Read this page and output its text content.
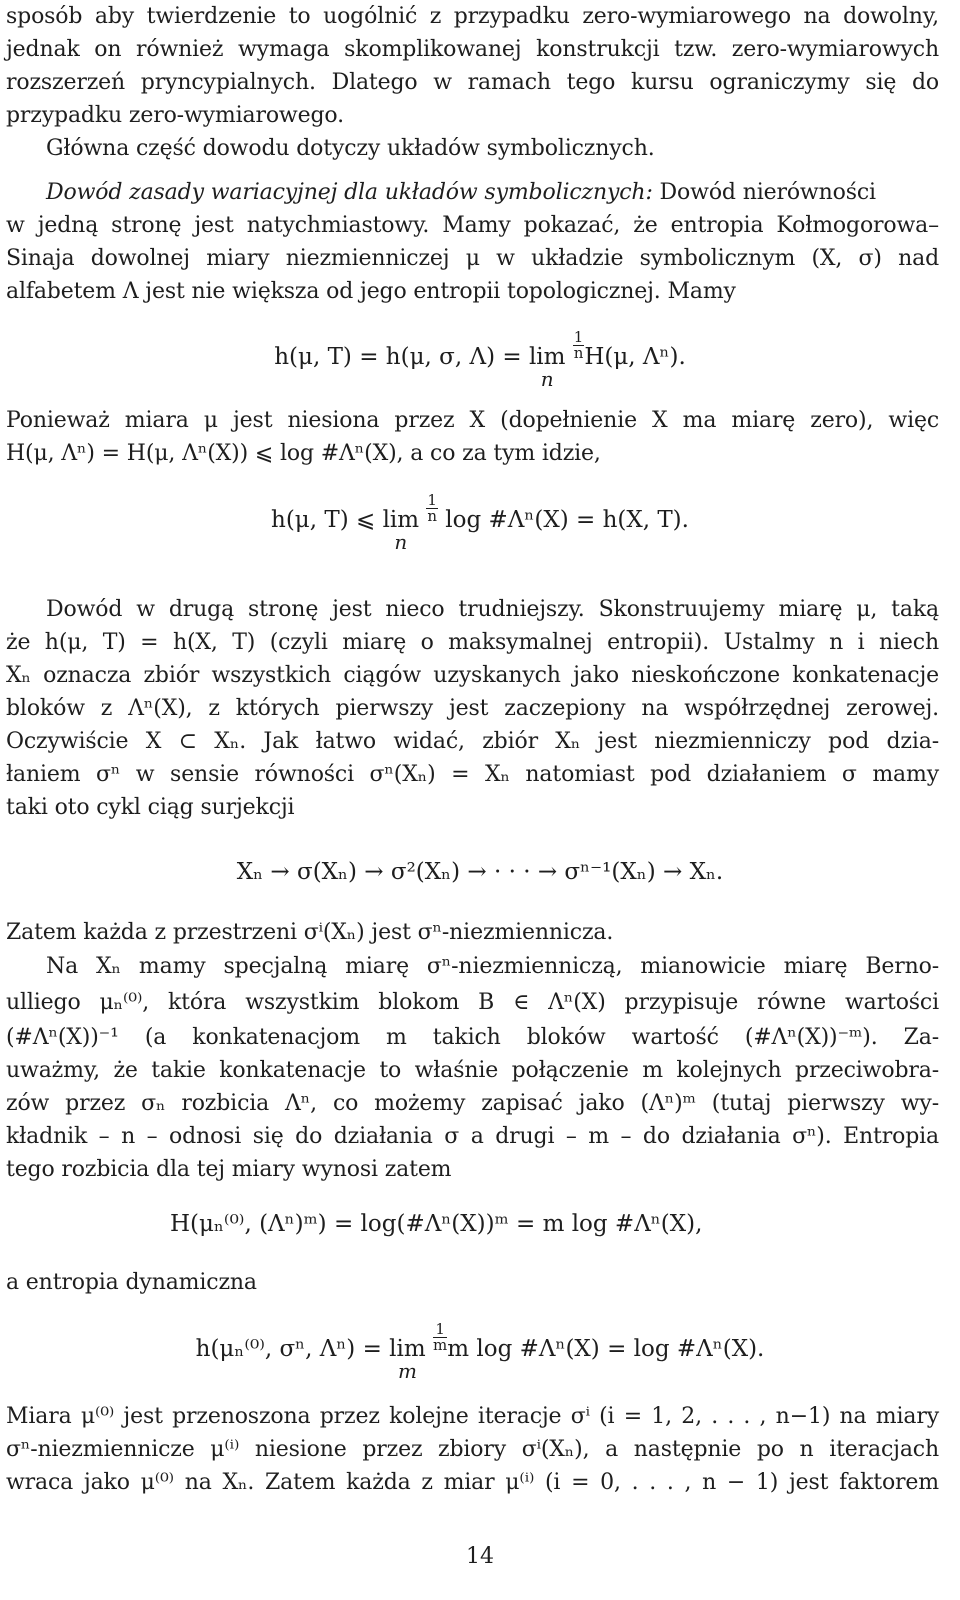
sposób aby twierdzenie to uogólnić z przypadku zero-wymiarowego na dowolny,
jednak on również wymaga skomplikowanej konstrukcji tzw. zero-wymiarowych
rozszerzeń pryncypialnych. Dlatego w ramach tego kursu ograniczymy się do
przypadku zero-wymiarowego.
Główna część dowodu dotyczy układów symbolicznych.
Dowód zasady wariacyjnej dla układów symbolicznych: Dowód nierówności
w jedną stronę jest natychmiastowy. Mamy pokazać, że entropia Kołmogorowa–
Sinaja dowolnej miary niezmienniczej μ w układzie symbolicznym (X, σ) nad
alfabetem Λ jest nie większa od jego entropii topologicznej. Mamy
h(μ, T) = h(μ, σ, Λ) = lim
n

$\frac{1}{n} H(\mu$, Λⁿ).
Ponieważ miara μ jest niesiona przez X (dopełnienie X ma miarę zero), więc
H(μ, Λⁿ) = H(μ, Λⁿ(X)) ⩽ log #Λⁿ(X), a co za tym idzie,
h(μ, T) ⩽ lim
n

$\frac{1}{n}$ log #Λⁿ(X) = h(X, T).
Dowód w drugą stronę jest nieco trudniejszy. Skonstruujemy miarę μ, taką
że h(μ, T) = h(X, T) (czyli miarę o maksymalnej entropii). Ustalmy n i niech
Xₙ oznacza zbiór wszystkich ciągów uzyskanych jako nieskończone konkatenacje
bloków z Λⁿ(X), z których pierwszy jest zaczepiony na współrzędnej zerowej.
Oczywiście X ⊂ Xₙ. Jak łatwo widać, zbiór Xₙ jest niezmienniczy pod dzia-
łaniem σⁿ w sensie równości σⁿ(Xₙ) = Xₙ natomiast pod działaniem σ mamy
taki oto cykl ciąg surjekcji
Xₙ → σ(Xₙ) → σ²(Xₙ) → · · · → σⁿ⁻¹(Xₙ) → Xₙ.
Zatem każda z przestrzeni σⁱ(Xₙ) jest σⁿ-niezmiennicza.
Na Xₙ mamy specjalną miarę σⁿ-niezmienniczą, mianowicie miarę Berno-
ulliego μₙ⁽⁰⁾, która wszystkim blokom B ∈ Λⁿ(X) przypisuje równe wartości
(#Λⁿ(X))⁻¹ (a konkatenacjom m takich bloków wartość (#Λⁿ(X))⁻ᵐ). Za-
uważmy, że takie konkatenacje to właśnie połączenie m kolejnych przeciwobra-
zów przez σₙ rozbicia Λⁿ, co możemy zapisać jako (Λⁿ)ᵐ (tutaj pierwszy wy-
kładnik – n – odnosi się do działania σ a drugi – m – do działania σⁿ). Entropia
tego rozbicia dla tej miary wynosi zatem
H(μₙ⁽⁰⁾, (Λⁿ)ᵐ) = log(#Λⁿ(X))ᵐ = m log #Λⁿ(X),
a entropia dynamiczna
h(μₙ⁽⁰⁾, σⁿ, Λⁿ) = lim
m

$\frac{1}{m}$ m log #Λⁿ(X) = log #Λⁿ(X).
Miara μ⁽⁰⁾ jest przenoszona przez kolejne iteracje σⁱ (i = 1, 2, . . . , n−1) na miary
σⁿ-niezmiennicze μ⁽ⁱ⁾ niesione przez zbiory σⁱ(Xₙ), a następnie po n iteracjach
wraca jako μ⁽⁰⁾ na Xₙ. Zatem każda z miar μ⁽ⁱ⁾ (i = 0, . . . , n − 1) jest faktorem
14
